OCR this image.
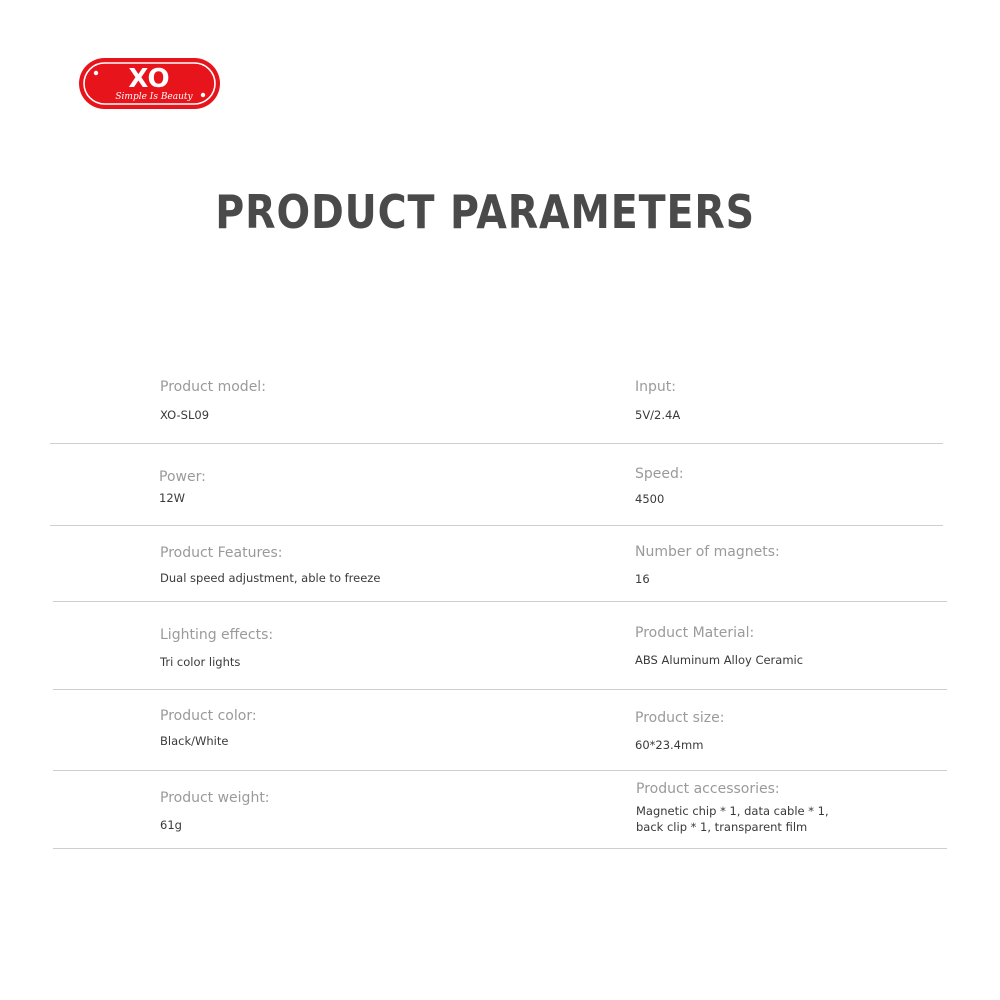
XO
Simple Is Beauty
PRODUCT PARAMETERS
Product model:
XO-SL09
Input:
5V/2.4A
Power:
12W
Speed:
4500
Product Features:
Dual speed adjustment, able to freeze
Number of magnets:
16
Lighting effects:
Tri color lights
Product Material:
ABS Aluminum Alloy Ceramic
Product color:
Black/White
Product size:
60*23.4mm
Product weight:
61g
Product accessories:
Magnetic chip * 1, data cable * 1,
back clip * 1, transparent film
